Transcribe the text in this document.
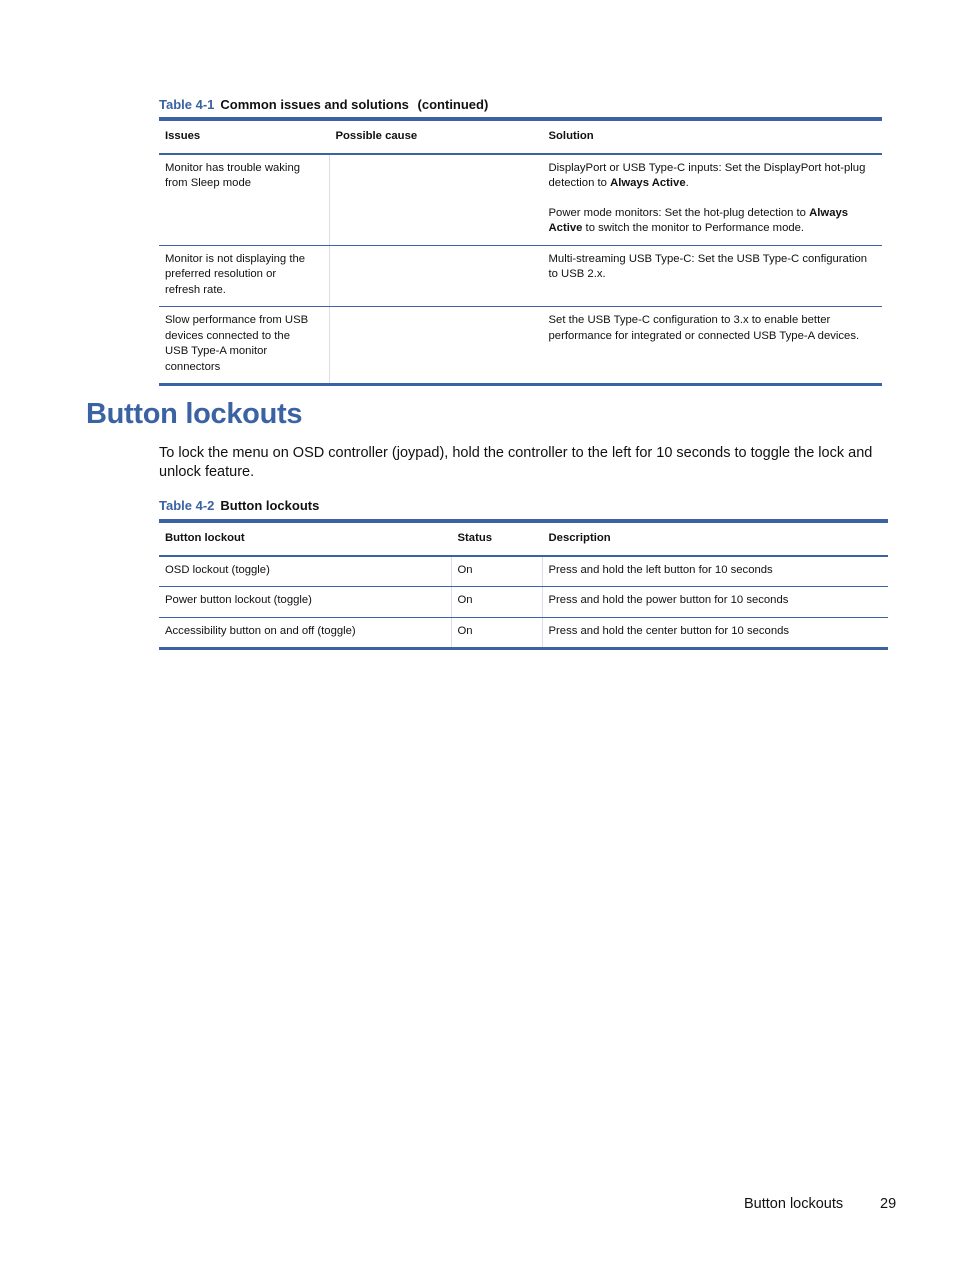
Table 4-1 Common issues and solutions (continued)
Issues	Possible cause	Solution
Monitor has trouble waking from Sleep mode		DisplayPort or USB Type-C inputs: Set the DisplayPort hot-plug detection to Always Active.

Power mode monitors: Set the hot-plug detection to Always Active to switch the monitor to Performance mode.

Monitor is not displaying the preferred resolution or refresh rate.		Multi-streaming USB Type-C: Set the USB Type-C configuration to USB 2.x.
Slow performance from USB devices connected to the USB Type-A monitor connectors		Set the USB Type-C configuration to 3.x to enable better performance for integrated or connected USB Type-A devices.
Button lockouts

To lock the menu on OSD controller (joypad), hold the controller to the left for 10 seconds to toggle the lock and unlock feature.

Table 4-2 Button lockouts
Button lockout	Status	Description
OSD lockout (toggle)	On	Press and hold the left button for 10 seconds
Power button lockout (toggle)	On	Press and hold the power button for 10 seconds
Accessibility button on and off (toggle)	On	Press and hold the center button for 10 seconds
Button lockouts	29
